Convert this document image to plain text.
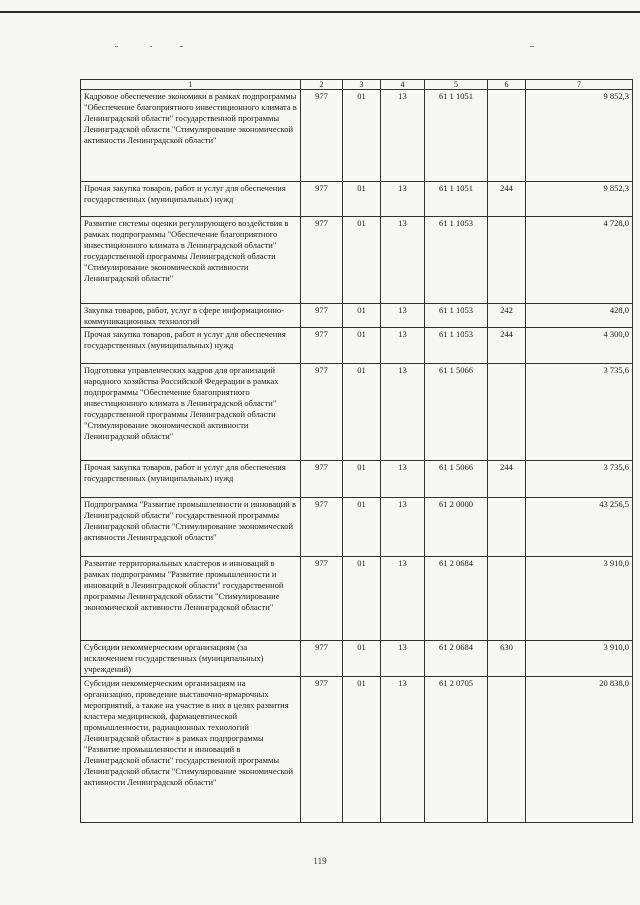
1	2	3	4	5	6	7
Кадровое обеспечение экономики в рамках подпрограммы "Обеспечение благоприятного инвестиционного климата в Ленинградской области" государственной программы Ленинградской области "Стимулирование экономической активности Ленинградской области"	977	01	13	61 1 1051		9 852,3
Прочая закупка товаров, работ и услуг для обеспечения государственных (муниципальных) нужд	977	01	13	61 1 1051	244	9 852,3
Развитие системы оценки регулирующего воздействия в рамках подпрограммы "Обеспечение благоприятного инвестиционного климата в Ленинградской области" государственной программы Ленинградской области "Стимулирование экономической активности Ленинградской области"	977	01	13	61 1 1053		4 728,0
Закупка товаров, работ, услуг в сфере информационно-коммуникационных технологий	977	01	13	61 1 1053	242	428,0
Прочая закупка товаров, работ и услуг для обеспечения государственных (муниципальных) нужд	977	01	13	61 1 1053	244	4 300,0
Подготовка управленческих кадров для организаций народного хозяйства Российской Федерации в рамках подпрограммы "Обеспечение благоприятного инвестиционного климата в Ленинградской области" государственной программы Ленинградской области "Стимулирование экономической активности Ленинградской области"	977	01	13	61 1 5066		3 735,6
Прочая закупка товаров, работ и услуг для обеспечения государственных (муниципальных) нужд	977	01	13	61 1 5066	244	3 735,6
Подпрограмма "Развитие промышленности и инноваций в Ленинградской области" государственной программы Ленинградской области "Стимулирование экономической активности Ленинградской области"	977	01	13	61 2 0000		43 256,5
Развитие территориальных кластеров и инноваций в рамках подпрограммы "Развитие промышленности и инноваций в Ленинградской области" государственной программы Ленинградской области "Стимулирование экономической активности Ленинградской области"	977	01	13	61 2 0684		3 910,0
Субсидии некоммерческим организациям (за исключением государственных (муниципальных) учреждений)	977	01	13	61 2 0684	630	3 910,0
Субсидии некоммерческим организациям на организацию, проведение выставочно-ярмарочных мероприятий, а также на участие в них в целях развития кластера медицинской, фармацевтической промышленности, радиационных технологий Ленинградской области» в рамках подпрограммы "Развитие промышленности и инноваций в Ленинградской области" государственной программы Ленинградской области "Стимулирование экономической активности Ленинградской области"	977	01	13	61 2 0705		20 838,0
119
